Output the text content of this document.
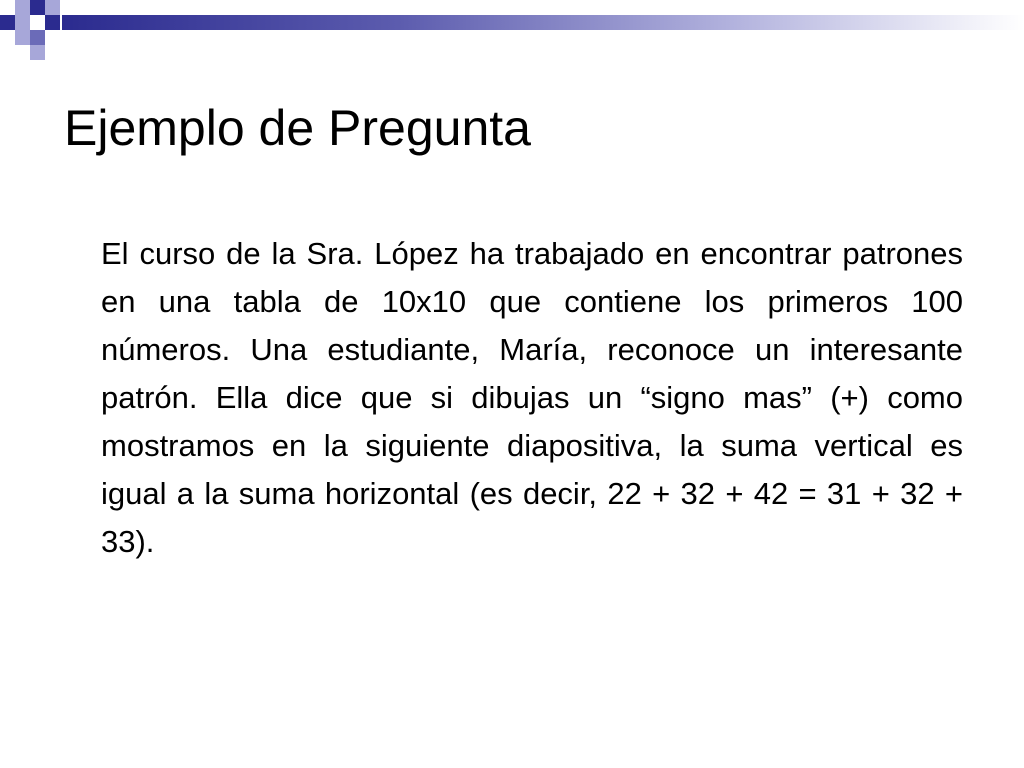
Ejemplo de Pregunta

El curso de la Sra. López ha trabajado en encontrar patrones en una tabla de 10x10 que contiene los primeros 100 números. Una estudiante, María, reconoce un interesante patrón. Ella dice que si dibujas un “signo mas” (+) como mostramos en la siguiente diapositiva, la suma vertical es igual a la suma horizontal (es decir, 22 + 32 + 42 = 31 + 32 + 33).
